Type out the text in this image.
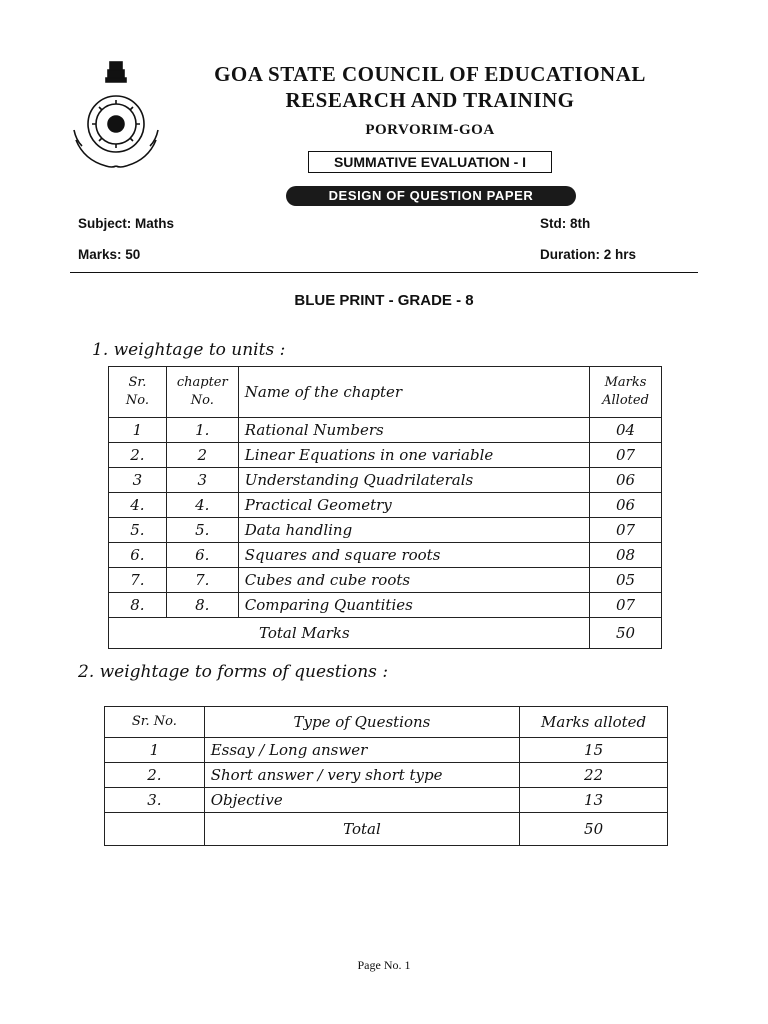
GOA STATE COUNCIL OF EDUCATIONAL
RESEARCH AND TRAINING
PORVORIM-GOA
SUMMATIVE EVALUATION - I
DESIGN OF QUESTION PAPER
Subject: Maths	Std: 8th
Marks: 50	Duration: 2 hrs
BLUE PRINT - GRADE - 8
1. weightage to units :
Sr. No.	chapter No.	Name of the chapter	Marks Alloted
1	1.	Rational Numbers	04
2.	2	Linear Equations in one variable	07
3	3	Understanding Quadrilaterals	06
4.	4.	Practical Geometry	06
5.	5.	Data handling	07
6.	6.	Squares and square roots	08
7.	7.	Cubes and cube roots	05
8.	8.	Comparing Quantities	07
Total Marks			50
2. weightage to forms of questions :
Sr. No.	Type of Questions	Marks alloted
1	Essay / Long answer	15
2.	Short answer / very short type	22
3.	Objective	13
	Total	50
Page No. 1
